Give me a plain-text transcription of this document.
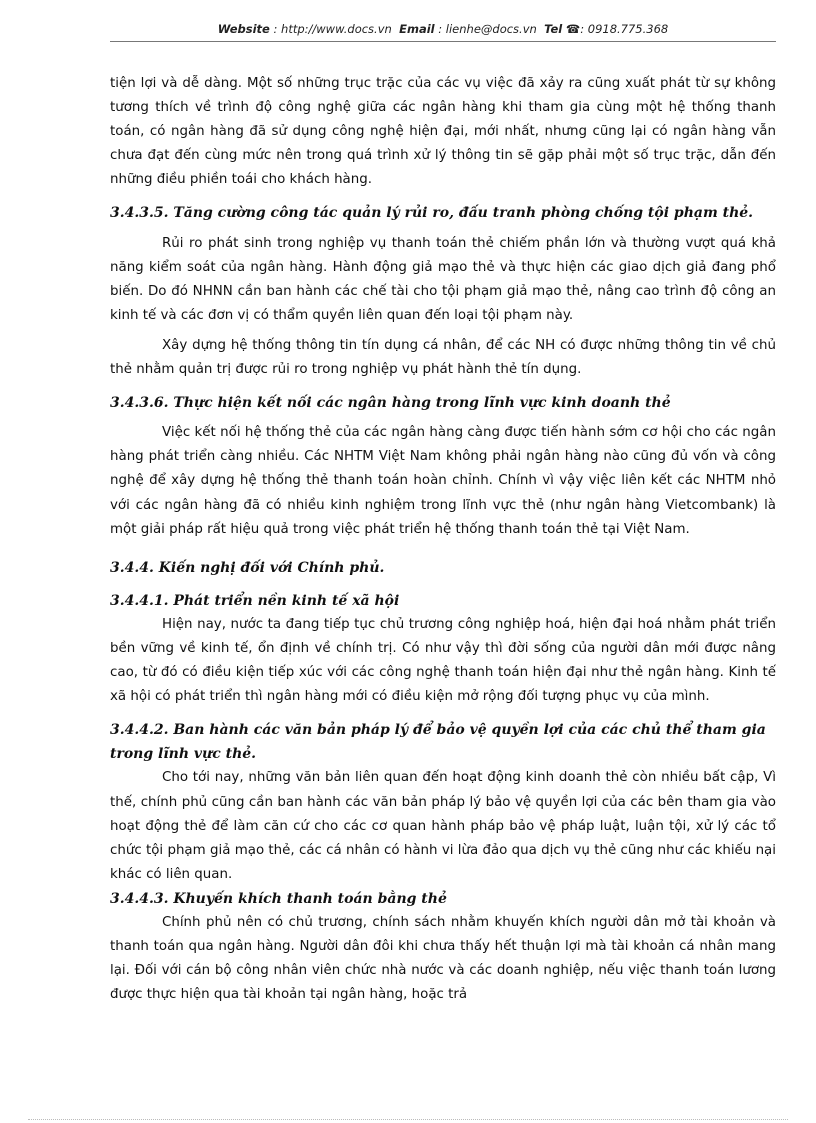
Website : http://www.docs.vn Email : lienhe@docs.vn Tel ☎: 0918.775.368

tiện lợi và dễ dàng. Một số những trục trặc của các vụ việc đã xảy ra cũng xuất phát từ sự không tương thích về trình độ công nghệ giữa các ngân hàng khi tham gia cùng một hệ thống thanh toán, có ngân hàng đã sử dụng công nghệ hiện đại, mới nhất, nhưng cũng lại có ngân hàng vẫn chưa đạt đến cùng mức nên trong quá trình xử lý thông tin sẽ gặp phải một số trục trặc, dẫn đến những điều phiền toái cho khách hàng.

3.4.3.5. Tăng cường công tác quản lý rủi ro, đấu tranh phòng chống tội phạm thẻ.

Rủi ro phát sinh trong nghiệp vụ thanh toán thẻ chiếm phần lớn và thường vượt quá khả năng kiểm soát của ngân hàng. Hành động giả mạo thẻ và thực hiện các giao dịch giả đang phổ biến. Do đó NHNN cần ban hành các chế tài cho tội phạm giả mạo thẻ, nâng cao trình độ công an kinh tế và các đơn vị có thẩm quyền liên quan đến loại tội phạm này.

Xây dựng hệ thống thông tin tín dụng cá nhân, để các NH có được những thông tin về chủ thẻ nhằm quản trị được rủi ro trong nghiệp vụ phát hành thẻ tín dụng.

3.4.3.6. Thực hiện kết nối các ngân hàng trong lĩnh vực kinh doanh thẻ

Việc kết nối hệ thống thẻ của các ngân hàng càng được tiến hành sớm cơ hội cho các ngân hàng phát triển càng nhiều. Các NHTM Việt Nam không phải ngân hàng nào cũng đủ vốn và công nghệ để xây dựng hệ thống thẻ thanh toán hoàn chỉnh. Chính vì vậy việc liên kết các NHTM nhỏ với các ngân hàng đã có nhiều kinh nghiệm trong lĩnh vực thẻ (như ngân hàng Vietcombank) là một giải pháp rất hiệu quả trong việc phát triển hệ thống thanh toán thẻ tại Việt Nam.

3.4.4. Kiến nghị đối với Chính phủ.

3.4.4.1. Phát triển nền kinh tế xã hội

Hiện nay, nước ta đang tiếp tục chủ trương công nghiệp hoá, hiện đại hoá nhằm phát triển bền vững về kinh tế, ổn định về chính trị. Có như vậy thì đời sống của người dân mới được nâng cao, từ đó có điều kiện tiếp xúc với các công nghệ thanh toán hiện đại như thẻ ngân hàng. Kinh tế xã hội có phát triển thì ngân hàng mới có điều kiện mở rộng đối tượng phục vụ của mình.

3.4.4.2. Ban hành các văn bản pháp lý để bảo vệ quyền lợi của các chủ thể tham gia trong lĩnh vực thẻ.

Cho tới nay, những văn bản liên quan đến hoạt động kinh doanh thẻ còn nhiều bất cập, Vì thế, chính phủ cũng cần ban hành các văn bản pháp lý bảo vệ quyền lợi của các bên tham gia vào hoạt động thẻ để làm căn cứ cho các cơ quan hành pháp bảo vệ pháp luật, luận tội, xử lý các tổ chức tội phạm giả mạo thẻ, các cá nhân có hành vi lừa đảo qua dịch vụ thẻ cũng như các khiếu nại khác có liên quan.

3.4.4.3. Khuyến khích thanh toán bằng thẻ

Chính phủ nên có chủ trương, chính sách nhằm khuyến khích người dân mở tài khoản và thanh toán qua ngân hàng. Người dân đôi khi chưa thấy hết thuận lợi mà tài khoản cá nhân mang lại. Đối với cán bộ công nhân viên chức nhà nước và các doanh nghiệp, nếu việc thanh toán lương được thực hiện qua tài khoản tại ngân hàng, hoặc trả
